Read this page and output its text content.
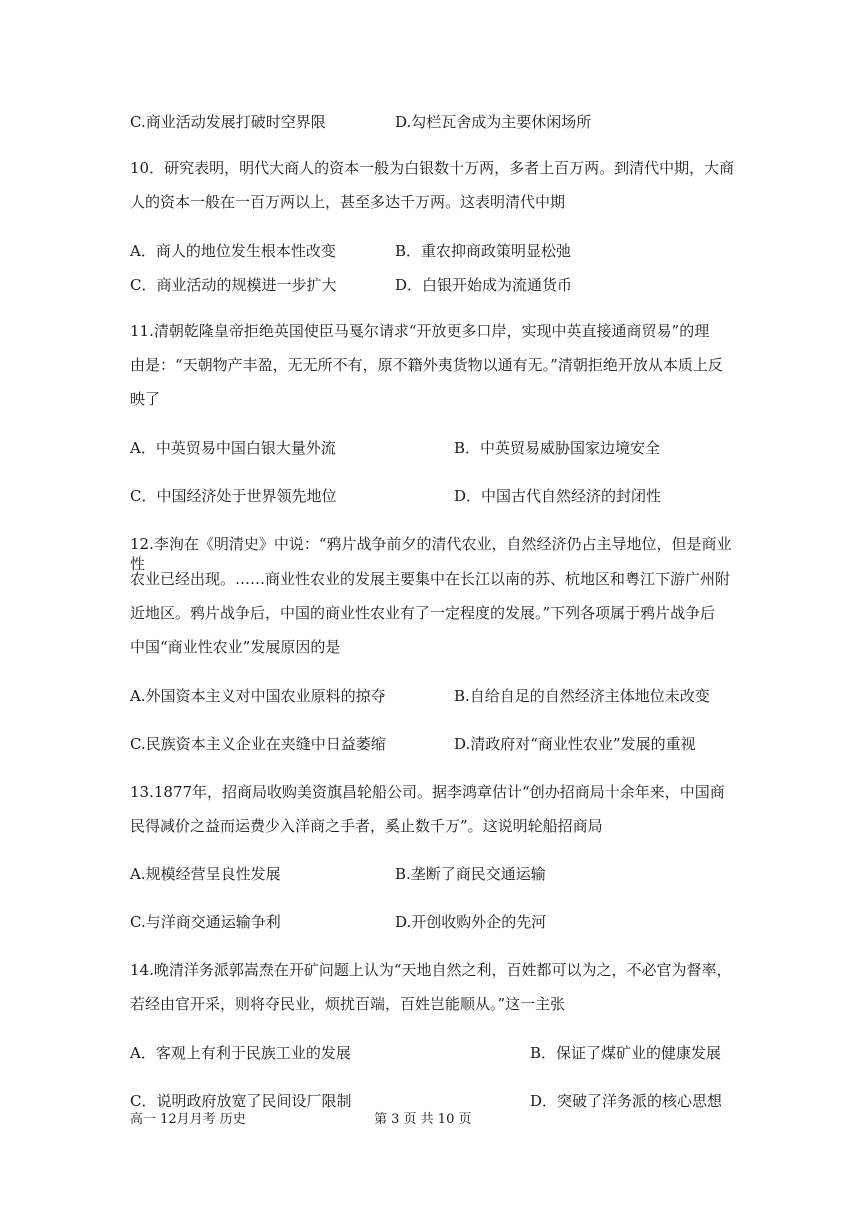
C.商业活动发展打破时空界限	D.勾栏瓦舍成为主要休闲场所
10．研究表明，明代大商人的资本一般为白银数十万两，多者上百万两。到清代中期，大商
人的资本一般在一百万两以上，甚至多达千万两。这表明清代中期
A．商人的地位发生根本性改变	B．重农抑商政策明显松弛
C．商业活动的规模进一步扩大	D．白银开始成为流通货币
11.清朝乾隆皇帝拒绝英国使臣马戛尔请求“开放更多口岸，实现中英直接通商贸易”的理
由是：“天朝物产丰盈，无无所不有，原不籍外夷货物以通有无。”清朝拒绝开放从本质上反
映了
A．中英贸易中国白银大量外流	B．中英贸易威胁国家边境安全
C．中国经济处于世界领先地位	D．中国古代自然经济的封闭性
12.李洵在《明清史》中说：“鸦片战争前夕的清代农业，自然经济仍占主导地位，但是商业性
农业已经出现。……商业性农业的发展主要集中在长江以南的苏、杭地区和粤江下游广州附
近地区。鸦片战争后，中国的商业性农业有了一定程度的发展。”下列各项属于鸦片战争后
中国“商业性农业”发展原因的是
A.外国资本主义对中国农业原料的掠夺	B.自给自足的自然经济主体地位未改变
C.民族资本主义企业在夹缝中日益萎缩	D.清政府对“商业性农业”发展的重视
13.1877年，招商局收购美资旗昌轮船公司。据李鸿章估计“创办招商局十余年来，中国商
民得减价之益而运费少入洋商之手者，奚止数千万”。这说明轮船招商局
A.规模经营呈良性发展	B.垄断了商民交通运输
C.与洋商交通运输争利	D.开创收购外企的先河
14.晚清洋务派郭嵩焘在开矿问题上认为“天地自然之利，百姓都可以为之，不必官为督率，
若经由官开采，则将夺民业，烦扰百端，百姓岂能顺从。”这一主张
A．客观上有利于民族工业的发展	B．保证了煤矿业的健康发展
C．说明政府放宽了民间设厂限制	D．突破了洋务派的核心思想
高一 12月月考 历史	第 3 页 共 10 页
